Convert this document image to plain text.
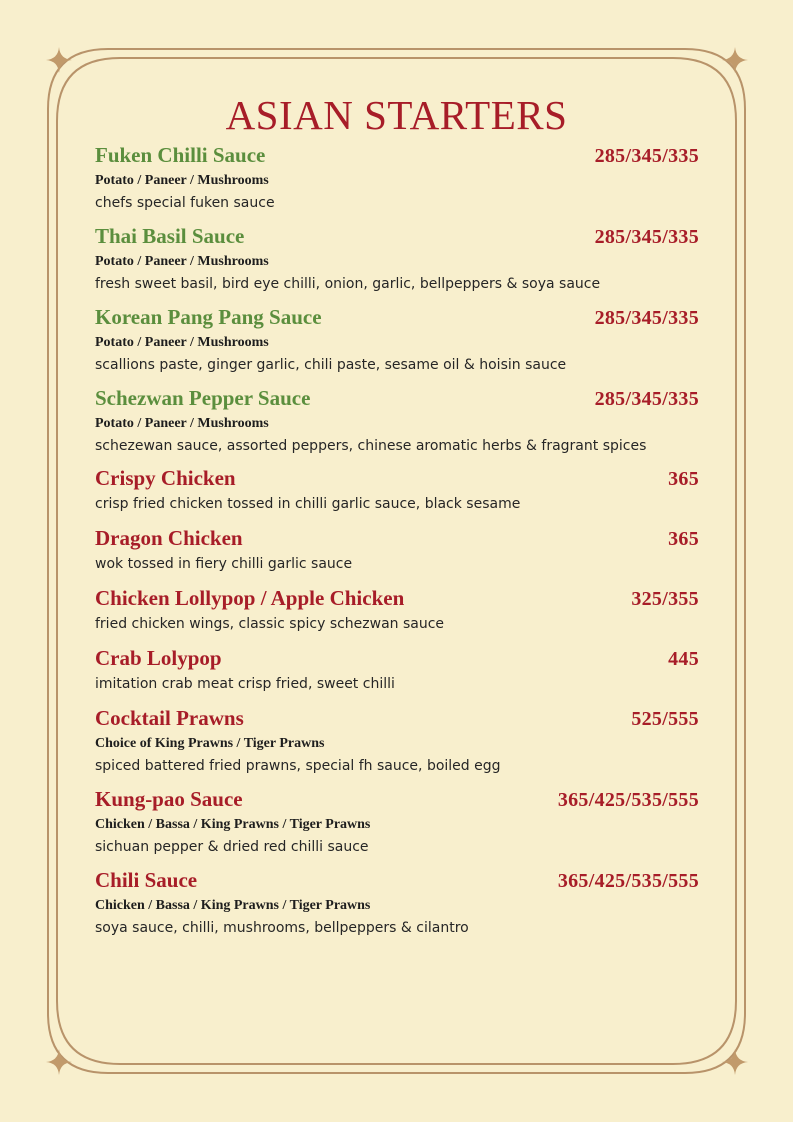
ASIAN STARTERS
Fuken Chilli Sauce	285/345/335
Potato / Paneer / Mushrooms
chefs special fuken sauce
Thai Basil Sauce	285/345/335
Potato / Paneer / Mushrooms
fresh sweet basil, bird eye chilli, onion, garlic, bellpeppers & soya sauce
Korean Pang Pang Sauce	285/345/335
Potato / Paneer / Mushrooms
scallions paste, ginger garlic, chili paste, sesame oil & hoisin sauce
Schezwan Pepper Sauce	285/345/335
Potato / Paneer / Mushrooms
schezewan sauce, assorted peppers, chinese aromatic herbs & fragrant spices
Crispy Chicken	365
crisp fried chicken tossed in chilli garlic sauce, black sesame
Dragon Chicken	365
wok tossed in fiery chilli garlic sauce
Chicken Lollypop / Apple Chicken	325/355
fried chicken wings, classic spicy schezwan sauce
Crab Lolypop	445
imitation crab meat crisp fried, sweet chilli
Cocktail Prawns	525/555
Choice of King Prawns / Tiger Prawns
spiced battered fried prawns, special fh sauce, boiled egg
Kung-pao Sauce	365/425/535/555
Chicken / Bassa / King Prawns / Tiger Prawns
sichuan pepper & dried red chilli sauce
Chili Sauce	365/425/535/555
Chicken / Bassa / King Prawns / Tiger Prawns
soya sauce, chilli, mushrooms, bellpeppers & cilantro
